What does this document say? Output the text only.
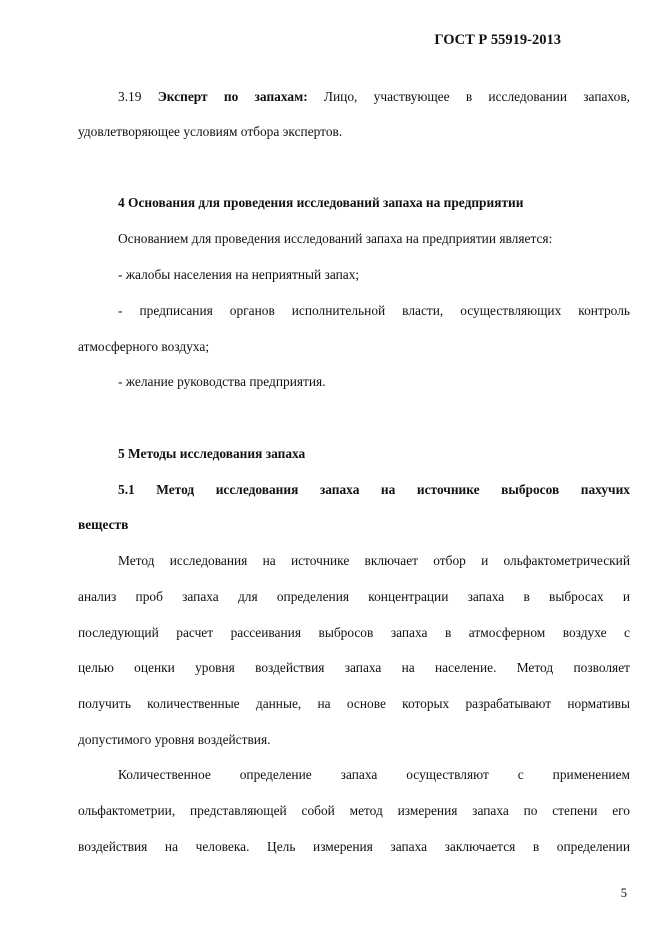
ГОСТ Р 55919-2013

3.19 Эксперт по запахам: Лицо, участвующее в исследовании запахов,

удовлетворяющее условиям отбора экспертов.

4 Основания для проведения исследований запаха на предприятии

Основанием для проведения исследований запаха на предприятии является:

- жалобы населения на неприятный запах;

- предписания органов исполнительной власти, осуществляющих контроль

атмосферного воздуха;

- желание руководства предприятия.

5 Методы исследования запаха

5.1 Метод исследования запаха на источнике выбросов пахучих

веществ

Метод исследования на источнике включает отбор и ольфактометрический

анализ проб запаха для определения концентрации запаха в выбросах и

последующий расчет рассеивания выбросов запаха в атмосферном воздухе с

целью оценки уровня воздействия запаха на население. Метод позволяет

получить количественные данные, на основе которых разрабатывают нормативы

допустимого уровня воздействия.

Количественное определение запаха осуществляют с применением

ольфактометрии, представляющей собой метод измерения запаха по степени его

воздействия на человека. Цель измерения запаха заключается в определении

5
